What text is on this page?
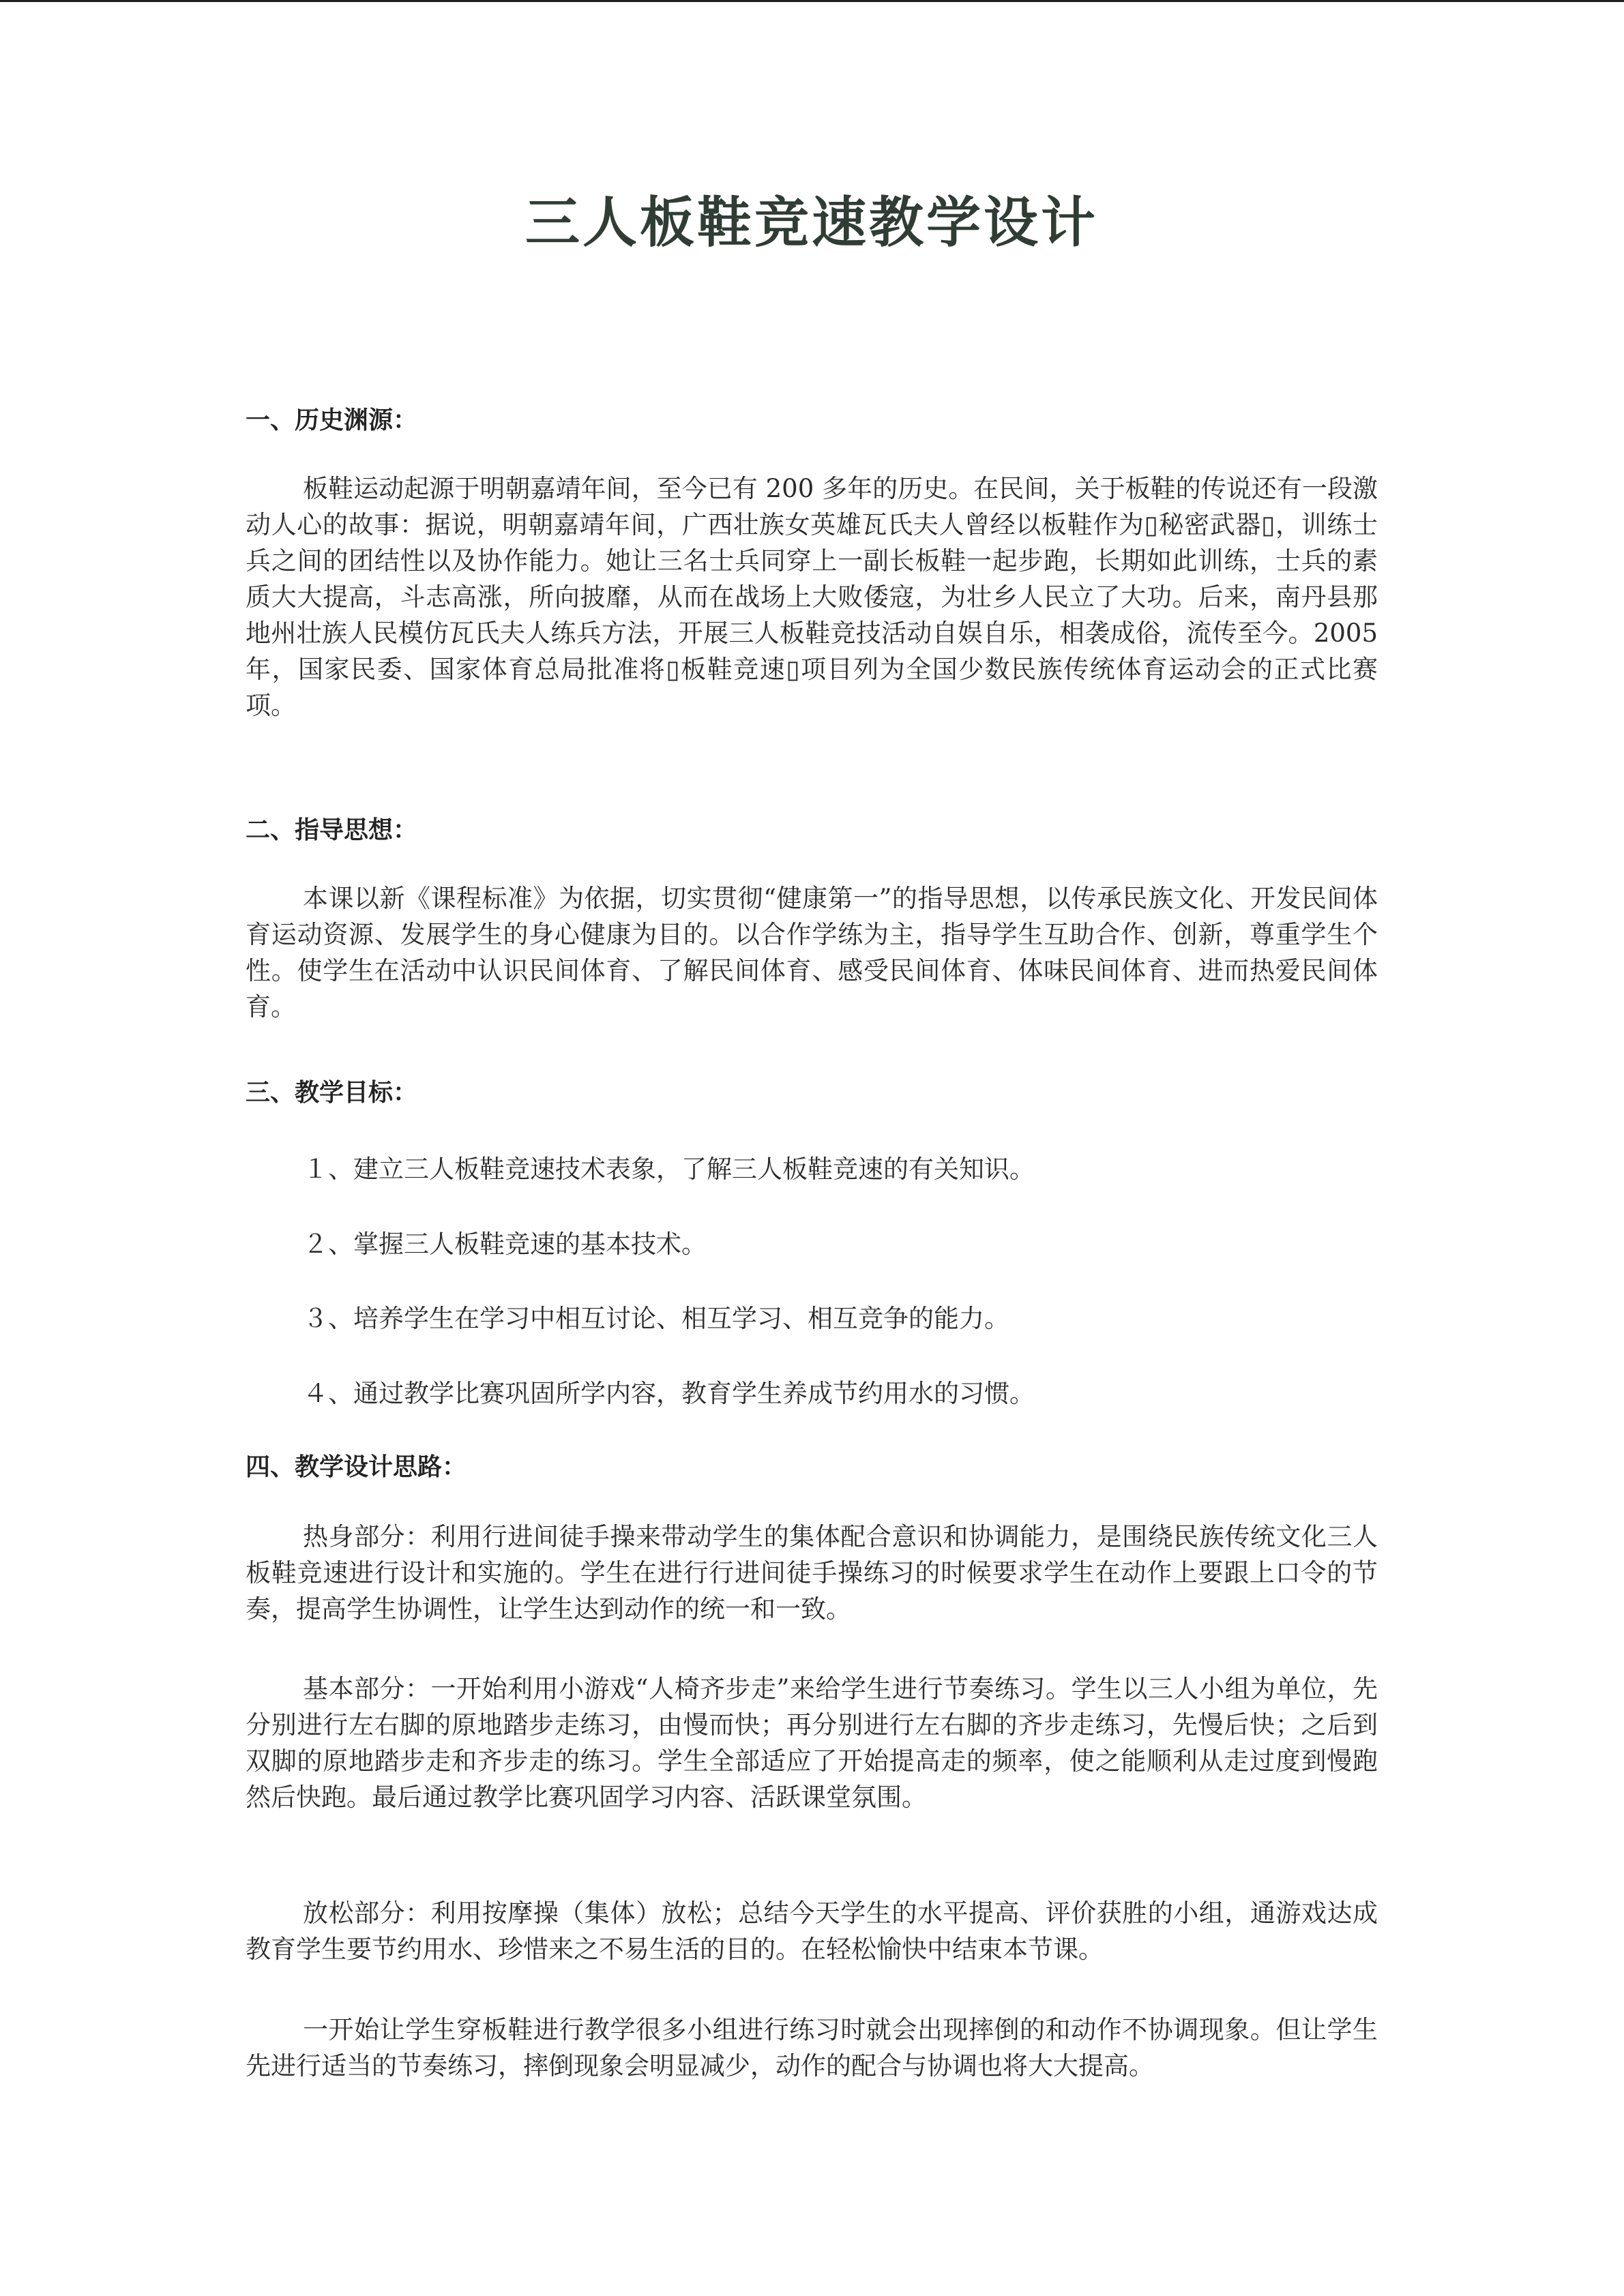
三人板鞋竞速教学设计
一、历史渊源：

板鞋运动起源于明朝嘉靖年间，至今已有 200 多年的历史。在民间，关于板鞋的传说还有一段激动人心的故事：据说，明朝嘉靖年间，广西壮族女英雄瓦氏夫人曾经以板鞋作为▯秘密武器▯，训练士兵之间的团结性以及协作能力。她让三名士兵同穿上一副长板鞋一起步跑，长期如此训练，士兵的素质大大提高，斗志高涨，所向披靡，从而在战场上大败倭寇，为壮乡人民立了大功。后来，南丹县那地州壮族人民模仿瓦氏夫人练兵方法，开展三人板鞋竞技活动自娱自乐，相袭成俗，流传至今。2005 年，国家民委、国家体育总局批准将▯板鞋竞速▯项目列为全国少数民族传统体育运动会的正式比赛项。

二、指导思想：

本课以新《课程标准》为依据，切实贯彻“健康第一”的指导思想，以传承民族文化、开发民间体育运动资源、发展学生的身心健康为目的。以合作学练为主，指导学生互助合作、创新，尊重学生个性。使学生在活动中认识民间体育、了解民间体育、感受民间体育、体味民间体育、进而热爱民间体育。

三、教学目标：

１、建立三人板鞋竞速技术表象，了解三人板鞋竞速的有关知识。

２、掌握三人板鞋竞速的基本技术。

３、培养学生在学习中相互讨论、相互学习、相互竞争的能力。

４、通过教学比赛巩固所学内容，教育学生养成节约用水的习惯。

四、教学设计思路：

热身部分：利用行进间徒手操来带动学生的集体配合意识和协调能力，是围绕民族传统文化三人板鞋竞速进行设计和实施的。学生在进行行进间徒手操练习的时候要求学生在动作上要跟上口令的节奏，提高学生协调性，让学生达到动作的统一和一致。

基本部分：一开始利用小游戏“人椅齐步走”来给学生进行节奏练习。学生以三人小组为单位，先分别进行左右脚的原地踏步走练习，由慢而快；再分别进行左右脚的齐步走练习，先慢后快；之后到双脚的原地踏步走和齐步走的练习。学生全部适应了开始提高走的频率，使之能顺利从走过度到慢跑然后快跑。最后通过教学比赛巩固学习内容、活跃课堂氛围。

放松部分：利用按摩操（集体）放松；总结今天学生的水平提高、评价获胜的小组，通游戏达成教育学生要节约用水、珍惜来之不易生活的目的。在轻松愉快中结束本节课。

一开始让学生穿板鞋进行教学很多小组进行练习时就会出现摔倒的和动作不协调现象。但让学生先进行适当的节奏练习，摔倒现象会明显减少，动作的配合与协调也将大大提高。
